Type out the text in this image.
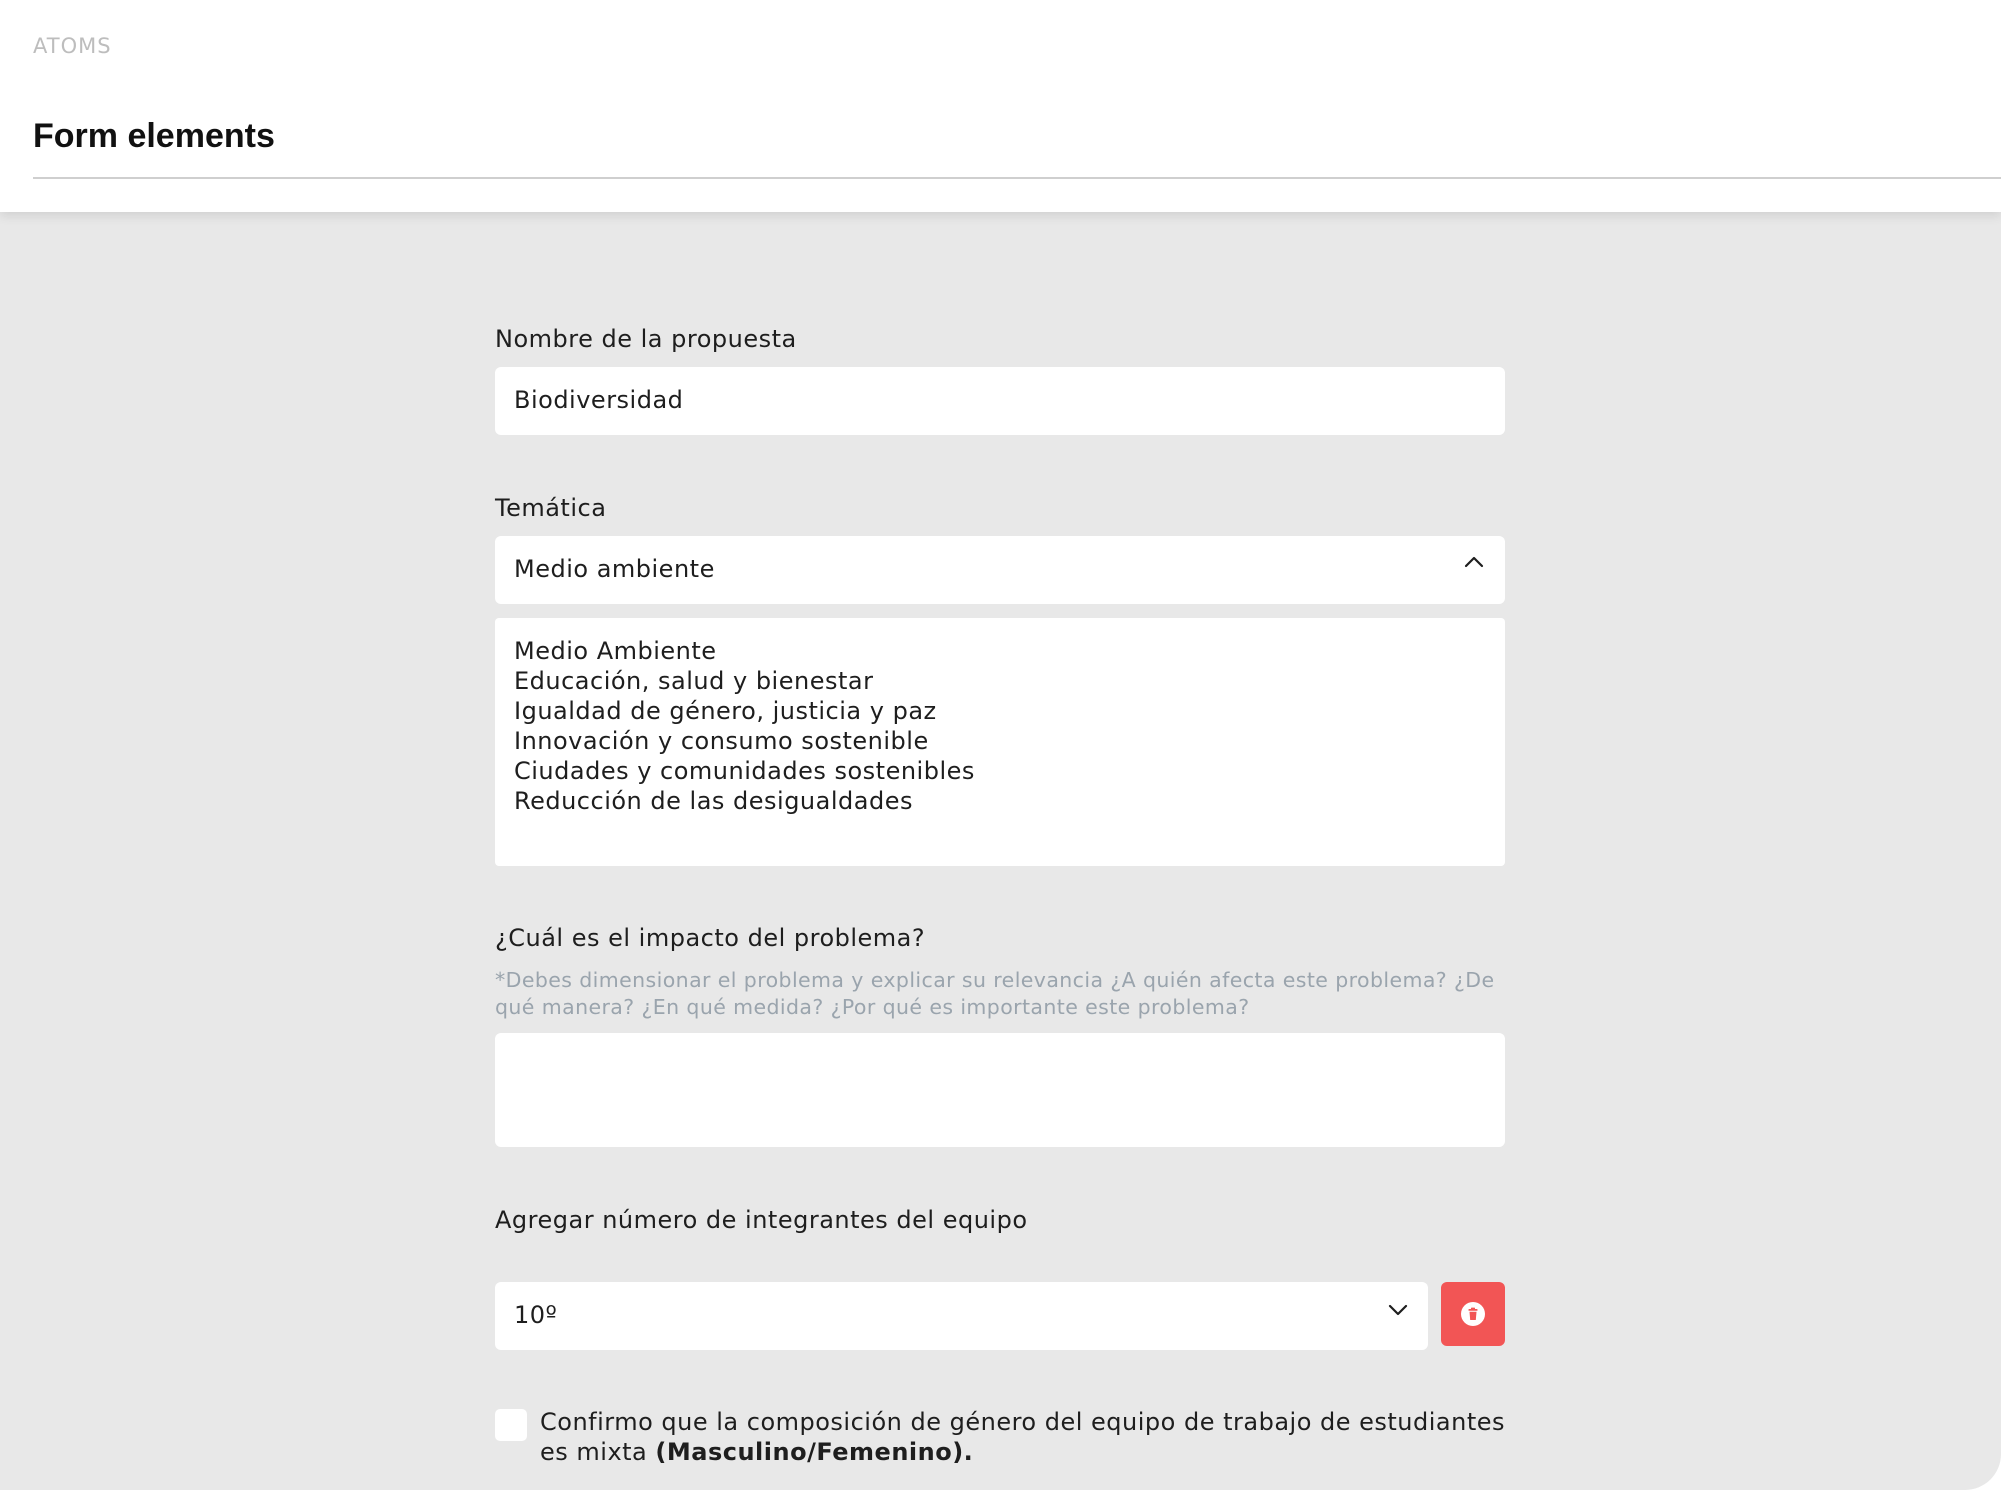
ATOMS
Form elements
Nombre de la propuesta
Biodiversidad
Temática
Medio ambiente
Medio Ambiente
Educación, salud y bienestar
Igualdad de género, justicia y paz
Innovación y consumo sostenible
Ciudades y comunidades sostenibles
Reducción de las desigualdades
¿Cuál es el impacto del problema?
*Debes dimensionar el problema y explicar su relevancia ¿A quién afecta este problema? ¿De qué manera? ¿En qué medida? ¿Por qué es importante este problema?
Agregar número de integrantes del equipo
10º
Confirmo que la composición de género del equipo de trabajo de estudiantes es mixta (Masculino/Femenino).
